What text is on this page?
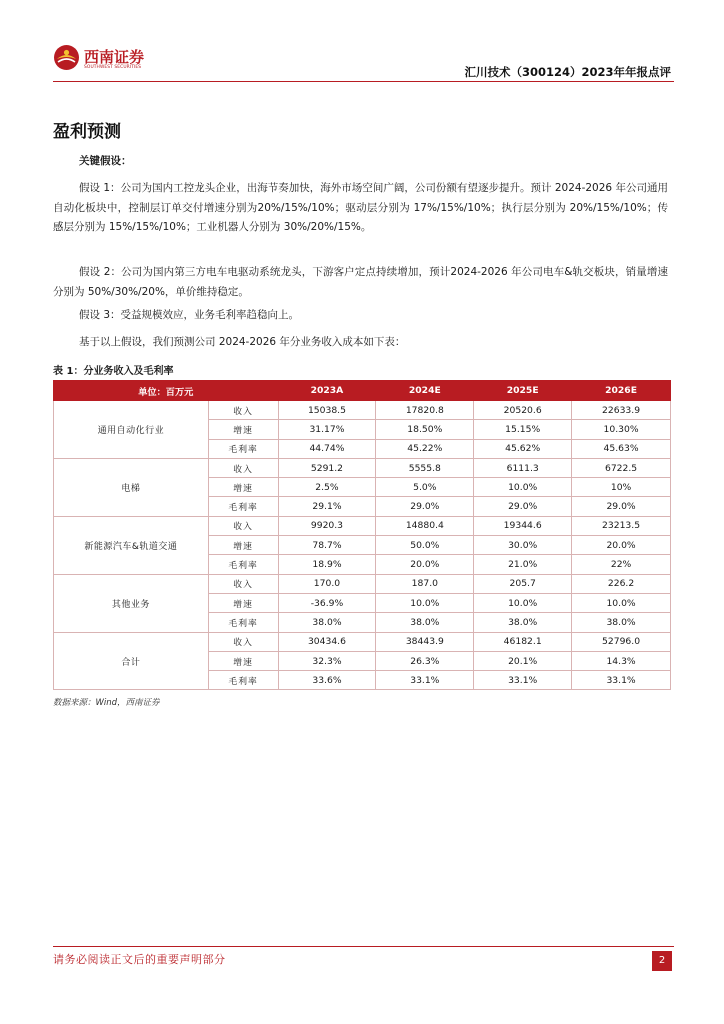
西南证券
SOUTHWEST SECURITIES	汇川技术（300124）2023年年报点评
盈利预测
关键假设：

假设 1：公司为国内工控龙头企业，出海节奏加快，海外市场空间广阔，公司份额有望逐步提升。预计 2024-2026 年公司通用自动化板块中，控制层订单交付增速分别为20%/15%/10%；驱动层分别为 17%/15%/10%；执行层分别为 20%/15%/10%；传感层分别为 15%/15%/10%；工业机器人分别为 30%/20%/15%。

假设 2：公司为国内第三方电车电驱动系统龙头，下游客户定点持续增加，预计2024-2026 年公司电车&轨交板块，销量增速分别为 50%/30%/20%，单价维持稳定。

假设 3：受益规模效应，业务毛利率趋稳向上。

基于以上假设，我们预测公司 2024-2026 年分业务收入成本如下表：

表 1：分业务收入及毛利率
单位：百万元		2023A	2024E	2025E	2026E
通用自动化行业	收入	15038.5	17820.8	20520.6	22633.9
	增速	31.17%	18.50%	15.15%	10.30%
	毛利率	44.74%	45.22%	45.62%	45.63%
电梯	收入	5291.2	5555.8	6111.3	6722.5
	增速	2.5%	5.0%	10.0%	10%
	毛利率	29.1%	29.0%	29.0%	29.0%
新能源汽车&轨道交通	收入	9920.3	14880.4	19344.6	23213.5
	增速	78.7%	50.0%	30.0%	20.0%
	毛利率	18.9%	20.0%	21.0%	22%
其他业务	收入	170.0	187.0	205.7	226.2
	增速	-36.9%	10.0%	10.0%	10.0%
	毛利率	38.0%	38.0%	38.0%	38.0%
合计	收入	30434.6	38443.9	46182.1	52796.0
	增速	32.3%	26.3%	20.1%	14.3%
	毛利率	33.6%	33.1%	33.1%	33.1%
数据来源：Wind，西南证券
请务必阅读正文后的重要声明部分	2
